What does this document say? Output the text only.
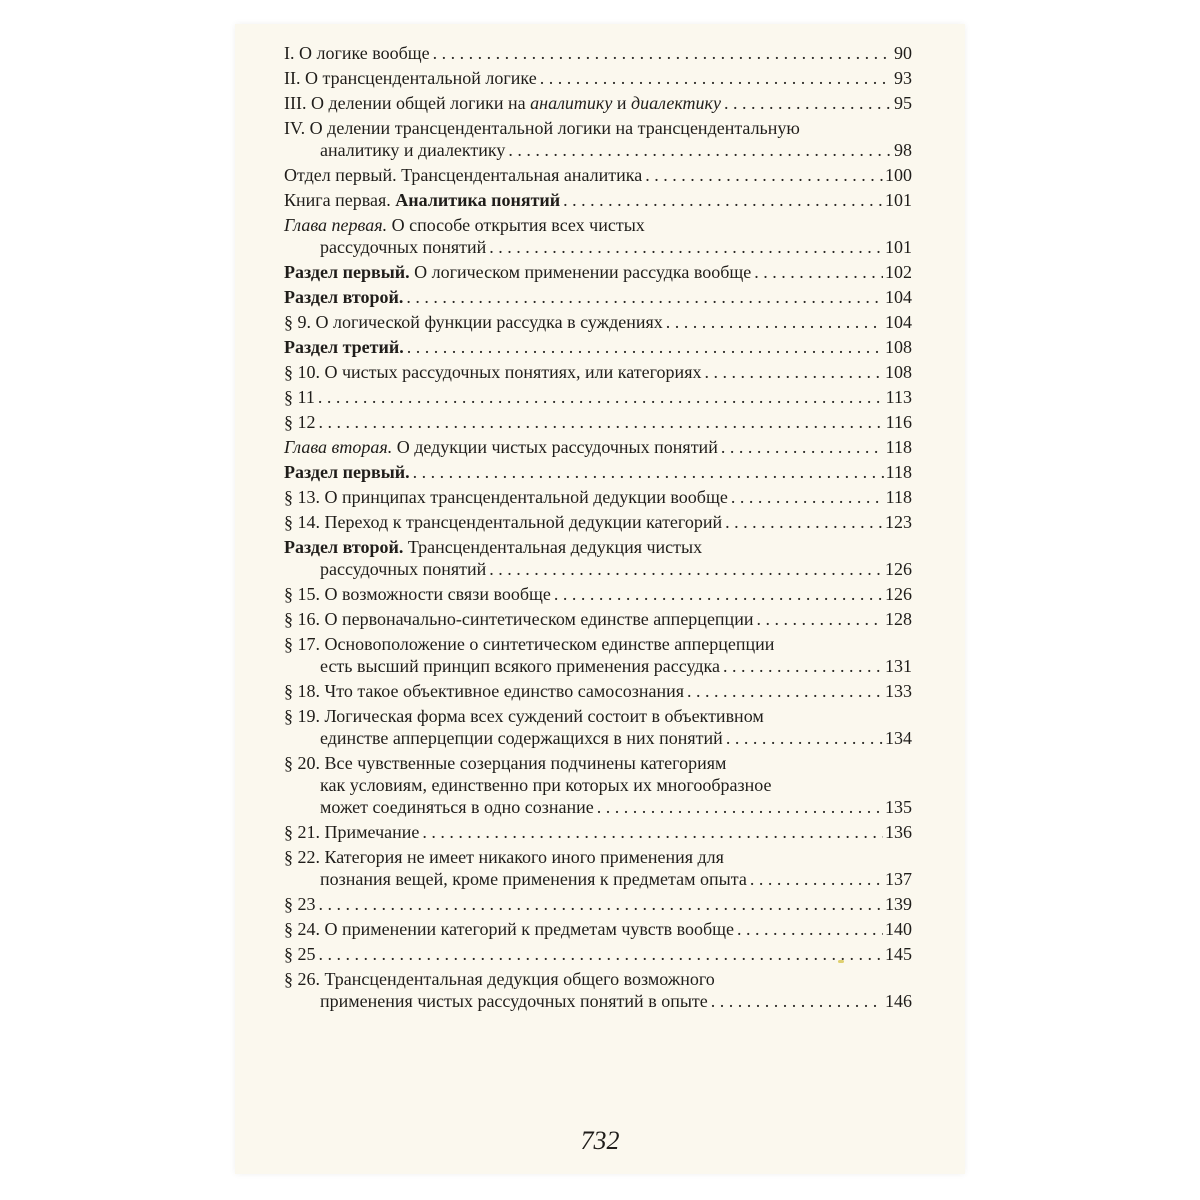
I. О логике вообще . . .	90
II. О трансцендентальной логике . . .	93
III. О делении общей логики на аналитику и диалектику . . .	95
IV. О делении трансцендентальной логики на трансцендентальную
аналитику и диалектику . . .	98
Отдел первый. Трансцендентальная аналитика . . .	100
Книга первая. Аналитика понятий . . .	101
Глава первая. О способе открытия всех чистых
рассудочных понятий . . .	101
Раздел первый. О логическом применении рассудка вообще . . .	102
Раздел второй. . . .	104
§ 9. О логической функции рассудка в суждениях . . .	104
Раздел третий. . . .	108
§ 10. О чистых рассудочных понятиях, или категориях . . .	108
§ 11 . . .	113
§ 12 . . .	116
Глава вторая. О дедукции чистых рассудочных понятий . . .	118
Раздел первый. . . .	118
§ 13. О принципах трансцендентальной дедукции вообще . . .	118
§ 14. Переход к трансцендентальной дедукции категорий . . .	123
Раздел второй. Трансцендентальная дедукция чистых
рассудочных понятий . . .	126
§ 15. О возможности связи вообще . . .	126
§ 16. О первоначально-синтетическом единстве апперцепции . . .	128
§ 17. Основоположение о синтетическом единстве апперцепции
есть высший принцип всякого применения рассудка . . .	131
§ 18. Что такое объективное единство самосознания . . .	133
§ 19. Логическая форма всех суждений состоит в объективном
единстве апперцепции содержащихся в них понятий . . .	134
§ 20. Все чувственные созерцания подчинены категориям
как условиям, единственно при которых их многообразное
может соединяться в одно сознание . . .	135
§ 21. Примечание . . .	136
§ 22. Категория не имеет никакого иного применения для
познания вещей, кроме применения к предметам опыта . . .	137
§ 23 . . .	139
§ 24. О применении категорий к предметам чувств вообще . . .	140
§ 25 . . .	145
§ 26. Трансцендентальная дедукция общего возможного
применения чистых рассудочных понятий в опыте . . .	146
732
